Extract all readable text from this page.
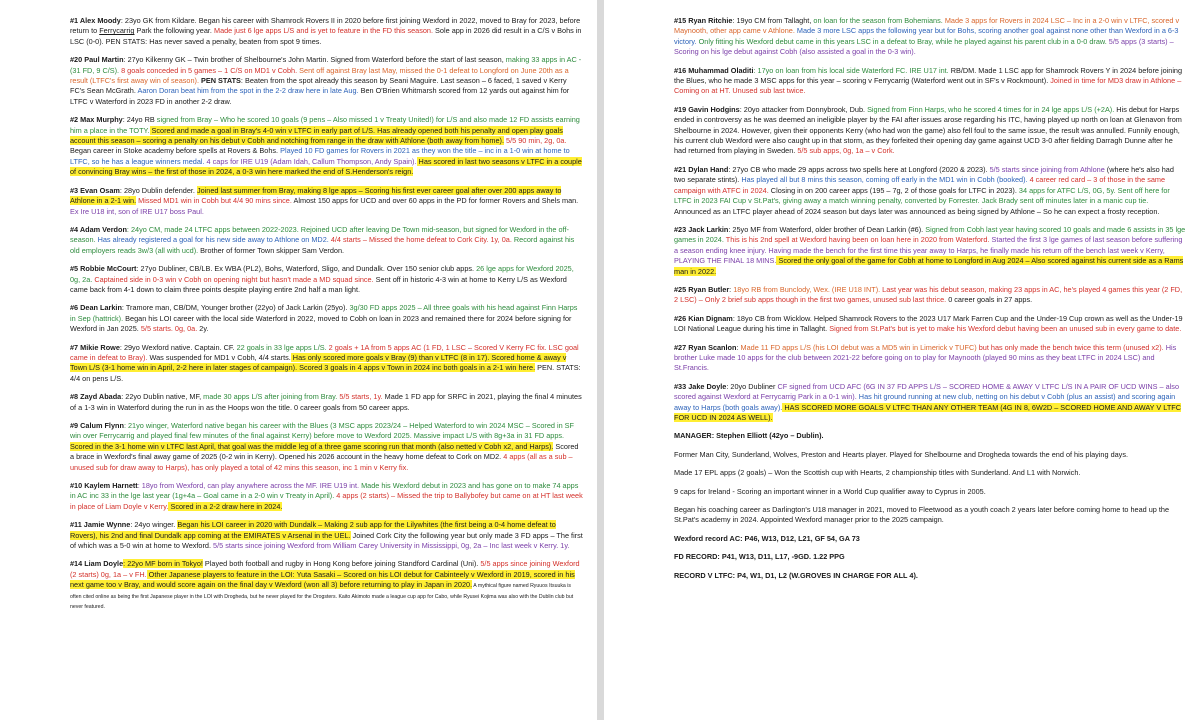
#1 Alex Moody: 23yo GK from Kildare. Began his career with Shamrock Rovers II in 2020 before first joining Wexford in 2022, moved to Bray for 2023, before return to Ferrycarrig Park the following year. Made just 6 lge apps L/S and is yet to feature in the FD this season. Sole app in 2026 did result in a C/S v Bohs in LSC (0-0). PEN STATS: Has never saved a penalty, beaten from spot 9 times.
#20 Paul Martin: 27yo Kilkenny GK – Twin brother of Shelbourne's John Martin. Signed from Waterford before the start of last season, making 33 apps in AC - (31 FD, 9 C/S). 8 goals conceded in 5 games – 1 C/S on MD1 v Cobh. Sent off against Bray last May, missed the 0-1 defeat to Longford on June 20th as a result (LTFC's first away win of season). PEN STATS: Beaten from the spot already this season by Seani Maguire. Last season – 6 faced, 1 saved v Kerry FC's Sean McGrath. Aaron Doran beat him from the spot in the 2-2 draw here in late Aug. Ben O'Brien Whitmarsh scored from 12 yards out against him for LTFC v Waterford in 2023 FD in another 2-2 draw.
#2 Max Murphy: 24yo RB signed from Bray – Who he scored 10 goals (9 pens – Also missed 1 v Treaty United!) for L/S and also made 12 FD assists earning him a place in the TOTY. Scored and made a goal in Bray's 4-0 win v LTFC in early part of L/S. Has already opened both his penalty and open play goals account this season – scoring a penalty on his debut v Cobh and notching from range in the draw with Athlone (both away from home). 5/5 90 min, 2g, 0a. Began career in Stoke academy before spells at Rovers & Bohs. Played 10 FD games for Rovers in 2021 as they won the title – inc in a 1-0 win at home to LTFC, so he has a league winners medal. 4 caps for IRE U19 (Adam Idah, Callum Thompson, Andy Spain). Has scored in last two seasons v LTFC in a couple of convincing Bray wins – the first of those in 2024, a 0-3 win here marked the end of S.Henderson's reign.
#3 Evan Osam: 28yo Dublin defender. Joined last summer from Bray, making 8 lge apps – Scoring his first ever career goal after over 200 apps away to Athlone in a 2-1 win. Missed MD1 win in Cobh but 4/4 90 mins since. Almost 150 apps for UCD and over 60 apps in the PD for former Rovers and Shels man. Ex Ire U18 int, son of IRE U17 boss Paul.
#4 Adam Verdon: 24yo CM, made 24 LTFC apps between 2022-2023. Rejoined UCD after leaving De Town mid-season, but signed for Wexford in the off-season. Has already registered a goal for his new side away to Athlone on MD2. 4/4 starts – Missed the home defeat to Cork City. 1y, 0a. Record against his old employers reads 3w/3 (all with ucd). Brother of former Town skipper Sam Verdon.
#5 Robbie McCourt: 27yo Dubliner, CB/LB. Ex WBA (PL2), Bohs, Waterford, Sligo, and Dundalk. Over 150 senior club apps. 26 lge apps for Wexford 2025, 0g, 2a. Captained side in 0-3 win v Cobh on opening night but hasn't made a MD squad since. Sent off in historic 4-3 win at home to Kerry L/S as Wexford came back from 4-1 down to claim three points despite playing entire 2nd half a man light.
#6 Dean Larkin: Tramore man, CB/DM, Younger brother (22yo) of Jack Larkin (25yo). 3g/30 FD apps 2025 – All three goals with his head against Finn Harps in Sep (hattrick). Began his LOI career with the local side Waterford in 2022, moved to Cobh on loan in 2023 and remained there for 2024 before signing for Wexford in Jan 2025. 5/5 starts. 0g, 0a. 2y.
#7 Mikie Rowe: 29yo Wexford native. Captain. CF. 22 goals in 33 lge apps L/S. 2 goals + 1A from 5 apps AC (1 FD, 1 LSC – Scored V Kerry FC fix. LSC goal came in defeat to Bray). Was suspended for MD1 v Cobh, 4/4 starts. Has only scored more goals v Bray (9) than v LTFC (8 in 17). Scored home & away v Town L/S (3-1 home win in April, 2-2 here in later stages of campaign). Scored 3 goals in 4 apps v Town in 2024 inc both goals in a 2-1 win here. PEN. STATS: 4/4 on pens L/S.
#8 Zayd Abada: 22yo Dublin native, MF, made 30 apps L/S after joining from Bray. 5/5 starts, 1y. Made 1 FD app for SRFC in 2021, playing the final 4 minutes of a 1-3 win in Waterford during the run in as the Hoops won the title. 0 career goals from 50 career apps.
#9 Calum Flynn: 21yo winger, Waterford native began his career with the Blues (3 MSC apps 2023/24 – Helped Waterford to win 2024 MSC – Scored in SF win over Ferrycarrig and played final few minutes of the final against Kerry) before move to Wexford 2025. Massive impact L/S with 8g+3a in 31 FD apps. Scored in the 3-1 home win v LTFC last April, that goal was the middle leg of a three game scoring run that month (also netted v Cobh x2, and Harps). Scored a brace in Wexford's final away game of 2025 (0-2 win in Kerry). Opened his 2026 account in the heavy home defeat to Cork on MD2. 4 apps (all as a sub – unused sub for draw away to Harps), has only played a total of 42 mins this season, inc 1 min v Kerry fix.
#10 Kaylem Harnett: 18yo from Wexford, can play anywhere across the MF. IRE U19 int. Made his Wexford debut in 2023 and has gone on to make 74 apps in AC inc 33 in the lge last year (1g+4a – Goal came in a 2-0 win v Treaty in April). 4 apps (2 starts) – Missed the trip to Ballybofey but came on at HT last week in place of Liam Doyle v Kerry. Scored in a 2-2 draw here in 2024.
#11 Jamie Wynne: 24yo winger. Began his LOI career in 2020 with Dundalk – Making 2 sub app for the Lilywhites (the first being a 0-4 home defeat to Rovers), his 2nd and final Dundalk app coming at the EMIRATES v Arsenal in the UEL. Joined Cork City the following year but only made 3 FD apps – The first of which was a 5-0 win at home to Wexford. 5/5 starts since joining Wexford from William Carey University in Mississippi, 0g, 2a – Inc last week v Kerry. 1y.
#14 Liam Doyle: 22yo MF born in Tokyo! Played both football and rugby in Hong Kong before joining Standford Cardinal (Uni). 5/5 apps since joining Wexford (2 starts) 0g, 1a – v FH. Other Japanese players to feature in the LOI: Yuta Sasaki – Scored on his LOI debut for Cabinteely v Wexford in 2019, scored in his next game too v Bray, and would score again on the final day v Wexford (won all 3) before returning to play in Japan in 2020. A mythical figure named Ryuuos Itsuuka is often cited online as being the first Japanese player in the LOI with Drogheda, but he never played for the Drogsters. Kaito Akimoto made a league cup app for Cabo, while Ryusei Kojima was also with the Dublin club but never featured.
#15 Ryan Ritchie: 19yo CM from Tallaght, on loan for the season from Bohemians. Made 3 apps for Rovers in 2024 LSC – Inc in a 2-0 win v LTFC, scored v Maynooth, other app came v Athlone. Made 3 more LSC apps the following year but for Bohs, scoring another goal against none other than Wexford in a 6-3 victory. Only fitting his Wexford debut came in this years LSC in a defeat to Bray, while he played against his parent club in a 0-0 draw. 5/5 apps (3 starts) – Scoring on his lge debut against Cobh (also assisted a goal in the 0-3 win).
#16 Muhammad Oladiti: 17yo on loan from his local side Waterford FC. IRE U17 int. RB/DM. Made 1 LSC app for Shamrock Rovers Y in 2024 before joining the Blues, who he made 3 MSC apps for this year – scoring v Ferrycarrig (Waterford went out in SF's v Rockmount). Joined in time for MD3 draw in Athlone – Coming on at HT. Unused sub last twice.
#19 Gavin Hodgins: 20yo attacker from Donnybrook, Dub. Signed from Finn Harps, who he scored 4 times for in 24 lge apps L/S (+2A). His debut for Harps ended in controversy as he was deemed an ineligible player by the FAI after issues arose regarding his ITC, having played up north on loan at Glenavon from Shelbourne in 2024. However, given their opponents Kerry (who had won the game) also fell foul to the same issue, the result was annulled. Funnily enough, his current club Wexford were also caught up in that storm, as they forfeited their opening day game against UCD 3-0 after fielding Darragh Dunne after he had returned from playing in Sweden. 5/5 sub apps, 0g, 1a – v Cork.
#21 Dylan Hand: 27yo CB who made 29 apps across two spells here at Longford (2020 & 2023). 5/5 starts since joining from Athlone (where he's also had two separate stints). Has played all but 8 mins this season, coming off early in the MD1 win in Cobh (booked). 4 career red card – 3 of those in the same campaign with ATFC in 2024. Closing in on 200 career apps (195 – 7g, 2 of those goals for LTFC in 2023). 34 apps for ATFC L/S, 0G, 5y. Sent off here for LTFC in 2023 FAI Cup v St.Pat's, giving away a match winning penalty, converted by Forrester. Jack Brady sent off minutes later in a manic cup tie. Announced as an LTFC player ahead of 2024 season but days later was announced as being signed by Athlone – So he can expect a frosty reception.
#23 Jack Larkin: 25yo MF from Waterford, older brother of Dean Larkin (#6). Signed from Cobh last year having scored 10 goals and made 6 assists in 35 lge games in 2024. This is his 2nd spell at Wexford having been on loan here in 2020 from Waterford. Started the first 3 lge games of last season before suffering a season ending knee injury. Having made the bench for the first time this year away to Harps, he finally made his return off the bench last week v Kerry, PLAYING THE FINAL 18 MINS. Scored the only goal of the game for Cobh at home to Longford in Aug 2024 – Also scored against his current side as a Rams man in 2022.
#25 Ryan Butler: 18yo RB from Bunclody, Wex. (IRE U18 INT). Last year was his debut season, making 23 apps in AC, he's played 4 games this year (2 FD, 2 LSC) – Only 2 brief sub apps though in the first two games, unused sub last thrice. 0 career goals in 27 apps.
#26 Kian Dignam: 18yo CB from Wicklow. Helped Shamrock Rovers to the 2023 U17 Mark Farren Cup and the Under-19 Cup crown as well as the Under-19 LOI National League during his time in Tallaght. Signed from St.Pat's but is yet to make his Wexford debut having been an unused sub in every game to date.
#27 Ryan Scanlon: Made 11 FD apps L/S (his LOI debut was a MD5 win in Limerick v TUFC) but has only made the bench twice this term (unused x2). His brother Luke made 10 apps for the club between 2021-22 before going on to play for Maynooth (played 90 mins as they beat LTFC in 2024 LSC) and St.Francis.
#33 Jake Doyle: 20yo Dubliner CF signed from UCD AFC (6G IN 37 FD APPS L/S – SCORED HOME & AWAY V LTFC L/S IN A PAIR OF UCD WINS – also scored against Wexford at Ferrycarrig Park in a 0-1 win). Has hit ground running at new club, netting on his debut v Cobh (plus an assist) and scoring again away to Harps (both goals away). HAS SCORED MORE GOALS V LTFC THAN ANY OTHER TEAM (4G IN 8, 6W2D – SCORED HOME AND AWAY V LTFC FOR UCD IN 2024 AS WELL).
MANAGER: Stephen Elliott (42yo – Dublin).
Former Man City, Sunderland, Wolves, Preston and Hearts player. Played for Shelbourne and Drogheda towards the end of his playing days.
Made 17 EPL apps (2 goals) – Won the Scottish cup with Hearts, 2 championship titles with Sunderland. And L1 with Norwich.
9 caps for Ireland - Scoring an important winner in a World Cup qualifier away to Cyprus in 2005.
Began his coaching career as Darlington's U18 manager in 2021, moved to Fleetwood as a youth coach 2 years later before coming home to head up the St.Pat's academy in 2024. Appointed Wexford manager prior to the 2025 campaign.
Wexford record AC: P46, W13, D12, L21, GF 54, GA 73
FD RECORD: P41, W13, D11, L17, -9GD. 1.22 PPG
RECORD V LTFC: P4, W1, D1, L2 (W.GROVES IN CHARGE FOR ALL 4).
